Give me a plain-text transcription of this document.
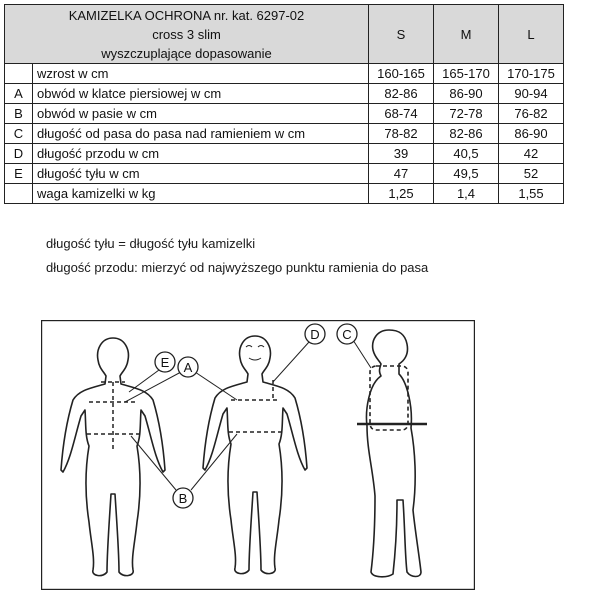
KAMIZELKA OCHRONA nr. kat. 6297-02
cross 3 slim
wyszczuplające dopasowanie		S	M	L
	wzrost w cm	160-165	165-170	170-175
A	obwód w klatce piersiowej w cm	82-86	86-90	90-94
B	obwód w pasie w cm	68-74	72-78	76-82
C	długość od pasa do pasa nad ramieniem w cm	78-82	82-86	86-90
D	długość przodu w cm	39	40,5	42
E	długość tyłu w cm	47	49,5	52
	waga kamizelki w kg	1,25	1,4	1,55
długość tyłu = długość tyłu kamizelki
długość przodu: mierzyć od najwyższego punktu ramienia do pasa
E A
D C
B
